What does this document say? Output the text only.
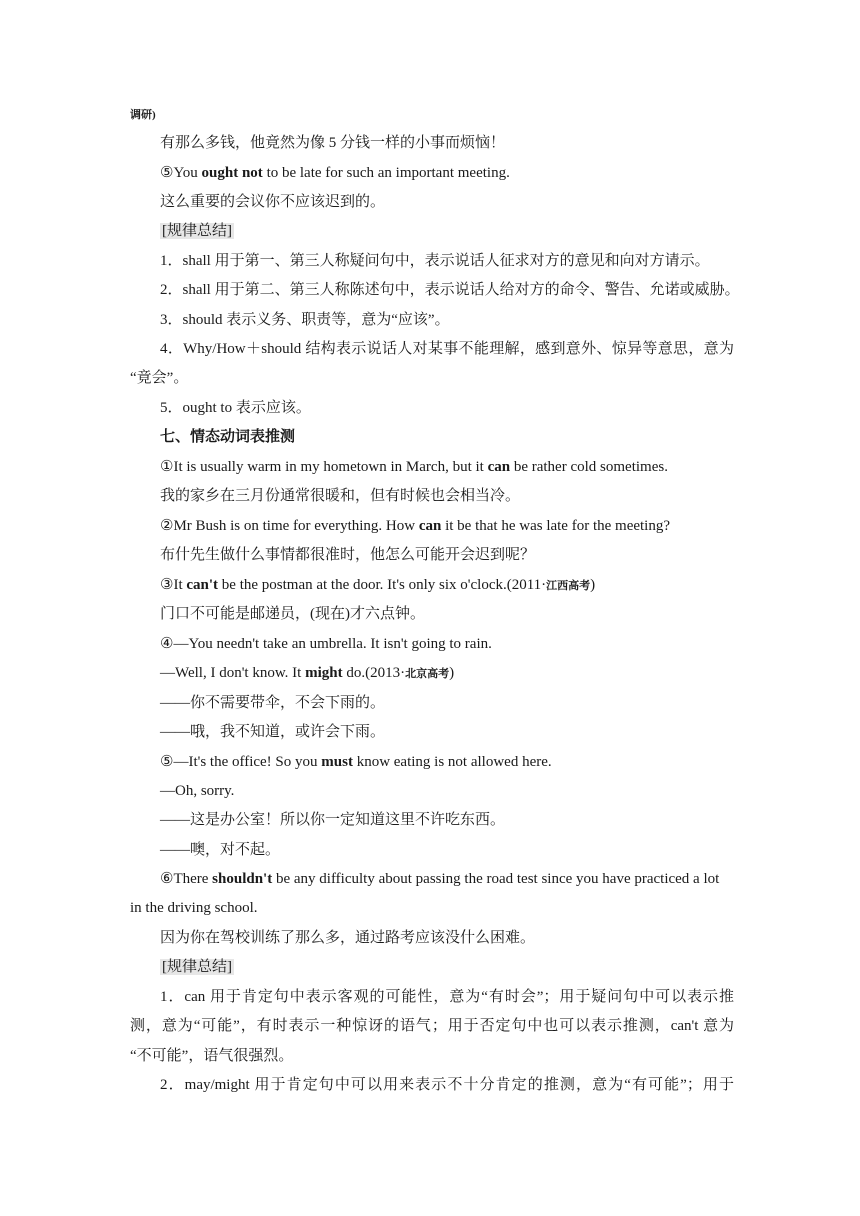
调研)
有那么多钱，他竟然为像 5 分钱一样的小事而烦恼！
⑤You ought not to be late for such an important meeting.
这么重要的会议你不应该迟到的。
[规律总结]
1．shall 用于第一、第三人称疑问句中，表示说话人征求对方的意见和向对方请示。
2．shall 用于第二、第三人称陈述句中，表示说话人给对方的命令、警告、允诺或威胁。
3．should 表示义务、职责等，意为“应该”。
4．Why/How＋should 结构表示说话人对某事不能理解，感到意外、惊异等意思，意为
“竟会”。
5．ought to 表示应该。
七、情态动词表推测
①It is usually warm in my hometown in March, but it can be rather cold sometimes.
我的家乡在三月份通常很暖和，但有时候也会相当冷。
②Mr Bush is on time for everything. How can it be that he was late for the meeting?
布什先生做什么事情都很准时，他怎么可能开会迟到呢？
③It can't be the postman at the door. It's only six o'clock.(2011·江西高考)
门口不可能是邮递员，(现在)才六点钟。
④—You needn't take an umbrella. It isn't going to rain.
—Well, I don't know. It might do.(2013·北京高考)
——你不需要带伞，不会下雨的。
——哦，我不知道，或许会下雨。
⑤—It's the office! So you must know eating is not allowed here.
—Oh, sorry.
——这是办公室！所以你一定知道这里不许吃东西。
——噢，对不起。
⑥There shouldn't be any difficulty about passing the road test since you have practiced a lot
in the driving school.
因为你在驾校训练了那么多，通过路考应该没什么困难。
[规律总结]
1．can 用于肯定句中表示客观的可能性，意为“有时会”；用于疑问句中可以表示推
测，意为“可能”，有时表示一种惊讶的语气；用于否定句中也可以表示推测，can't 意为
“不可能”，语气很强烈。
2．may/might 用于肯定句中可以用来表示不十分肯定的推测，意为“有可能”；用于
